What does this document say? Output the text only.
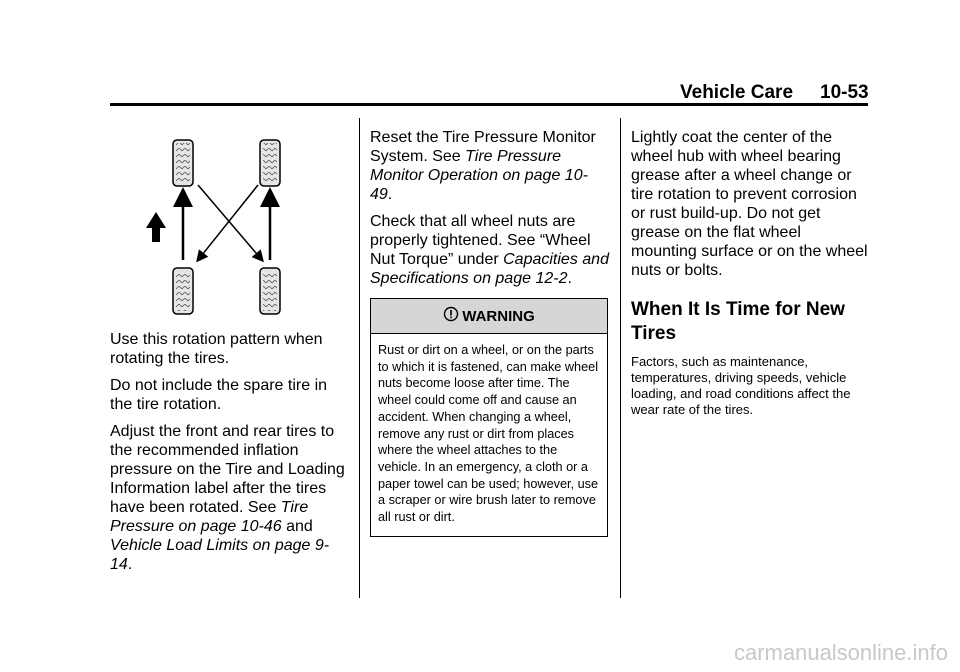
Vehicle Care 10-53

Use this rotation pattern when rotating the tires.

Do not include the spare tire in the tire rotation.

Adjust the front and rear tires to the recommended inflation pressure on the Tire and Loading Information label after the tires have been rotated. See Tire Pressure on page 10-46 and Vehicle Load Limits on page 9-14.

Reset the Tire Pressure Monitor System. See Tire Pressure Monitor Operation on page 10-49.

Check that all wheel nuts are properly tightened. See “Wheel Nut Torque” under Capacities and Specifications on page 12-2.

WARNING
Rust or dirt on a wheel, or on the parts to which it is fastened, can make wheel nuts become loose after time. The wheel could come off and cause an accident. When changing a wheel, remove any rust or dirt from places where the wheel attaches to the vehicle. In an emergency, a cloth or a paper towel can be used; however, use a scraper or wire brush later to remove all rust or dirt.

Lightly coat the center of the wheel hub with wheel bearing grease after a wheel change or tire rotation to prevent corrosion or rust build-up. Do not get grease on the flat wheel mounting surface or on the wheel nuts or bolts.

When It Is Time for New Tires

Factors, such as maintenance, temperatures, driving speeds, vehicle loading, and road conditions affect the wear rate of the tires.

carmanualsonline.info
